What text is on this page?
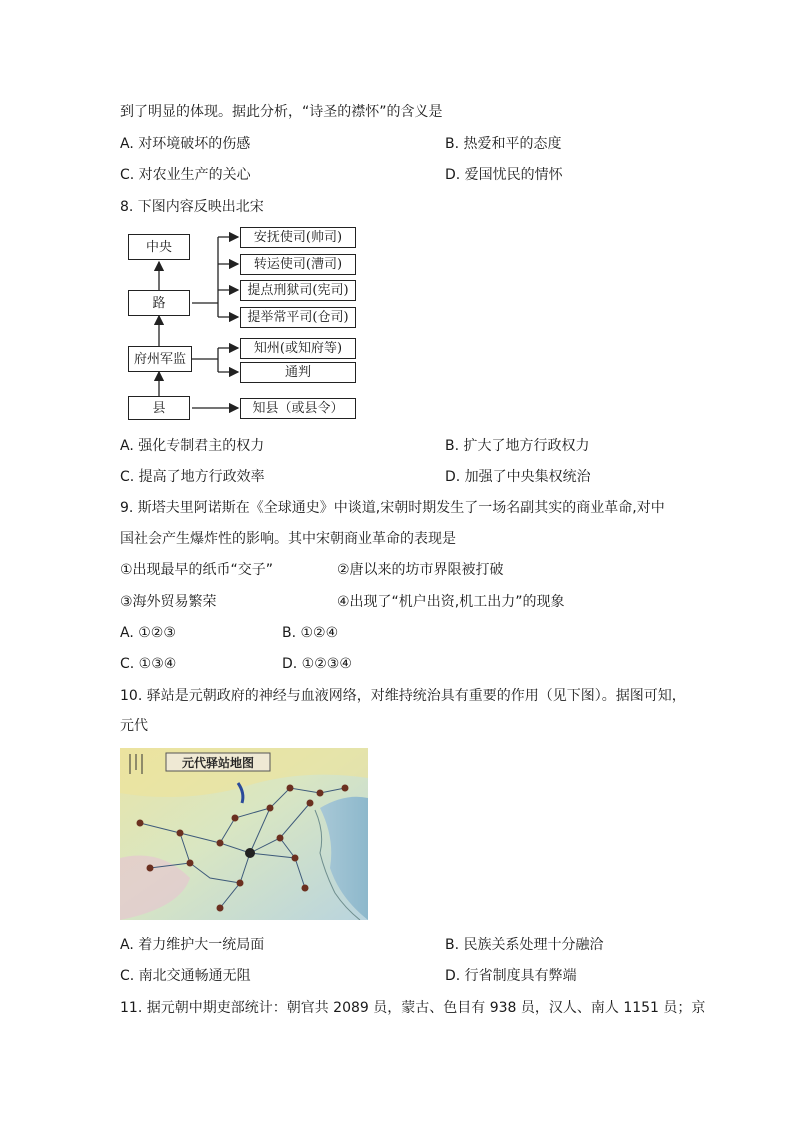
到了明显的体现。据此分析，“诗圣的襟怀”的含义是
A. 对环境破坏的伤感	B. 热爱和平的态度
C. 对农业生产的关心	D. 爱国忧民的情怀
8. 下图内容反映出北宋
中央
路
府州军监
县
安抚使司(帅司)
转运使司(漕司)
提点刑狱司(宪司)
提举常平司(仓司)
知州(或知府等)
通判
知县（或县令）
A. 强化专制君主的权力	B. 扩大了地方行政权力
C. 提高了地方行政效率	D. 加强了中央集权统治
9. 斯塔夫里阿诺斯在《全球通史》中谈道,宋朝时期发生了一场名副其实的商业革命,对中
国社会产生爆炸性的影响。其中宋朝商业革命的表现是
①出现最早的纸币“交子”	②唐以来的坊市界限被打破
③海外贸易繁荣	④出现了“机户出资,机工出力”的现象
A. ①②③	B. ①②④
C. ①③④	D. ①②③④
10. 驿站是元朝政府的神经与血液网络，对维持统治具有重要的作用（见下图）。据图可知，
元代
元代驿站地图
A. 着力维护大一统局面	B. 民族关系处理十分融洽
C. 南北交通畅通无阻	D. 行省制度具有弊端
11. 据元朝中期吏部统计：朝官共 2089 员，蒙古、色目有 938 员，汉人、南人 1151 员；京
